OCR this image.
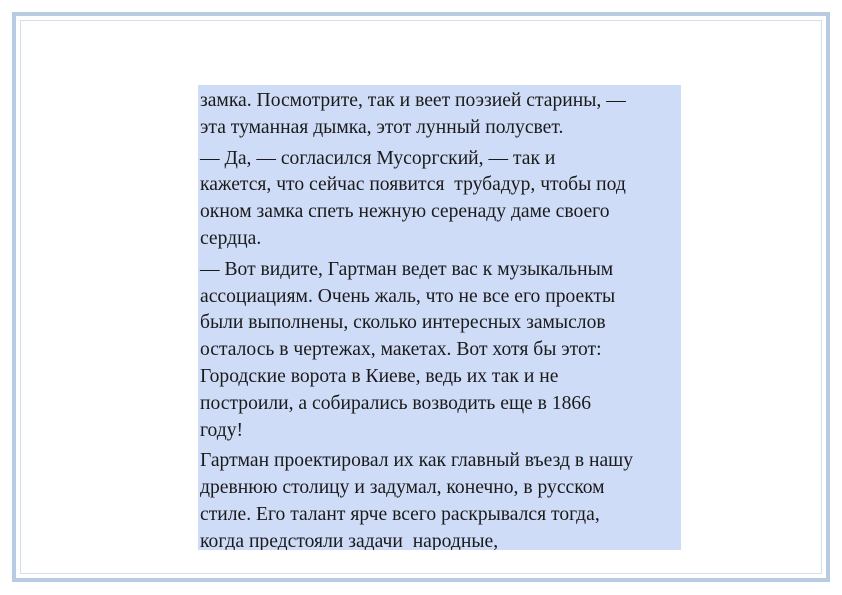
замка. Посмотрите, так и веет поэзией старины, —
эта туманная дымка, этот лунный полусвет.

— Да, — согласился Мусоргский, — так и
кажется, что сейчас появится  трубадур, чтобы под
окном замка спеть нежную серенаду даме своего
сердца.

— Вот видите, Гартман ведет вас к музыкальным
ассоциациям. Очень жаль, что не все его проекты
были выполнены, сколько интересных замыслов
осталось в чертежах, макетах. Вот хотя бы этот:
Городские ворота в Киеве, ведь их так и не
построили, а собирались возводить еще в 1866
году!

Гартман проектировал их как главный въезд в нашу
древнюю столицу и задумал, конечно, в русском
стиле. Его талант ярче всего раскрывался тогда,
когда предстояли задачи  народные,
